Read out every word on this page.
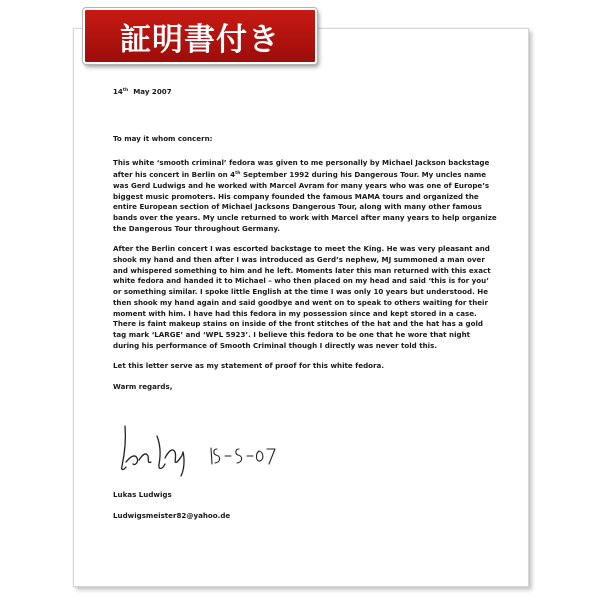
証明書付き

14th May 2007

To may it whom concern:

This white ‘smooth criminal’ fedora was given to me personally by Michael Jackson backstage after his concert in Berlin on 4th September 1992 during his Dangerous Tour. My uncles name was Gerd Ludwigs and he worked with Marcel Avram for many years who was one of Europe’s biggest music promoters. His company founded the famous MAMA tours and organized the entire European section of Michael Jacksons Dangerous Tour, along with many other famous bands over the years. My uncle returned to work with Marcel after many years to help organize the Dangerous Tour throughout Germany.

After the Berlin concert I was escorted backstage to meet the King. He was very pleasant and shook my hand and then after I was introduced as Gerd’s nephew, MJ summoned a man over and whispered something to him and he left. Moments later this man returned with this exact white fedora and handed it to Michael – who then placed on my head and said ‘this is for you’ or something similar. I spoke little English at the time I was only 10 years but understood. He then shook my hand again and said goodbye and went on to speak to others waiting for their moment with him. I have had this fedora in my possession since and kept stored in a case. There is faint makeup stains on inside of the front stitches of the hat and the hat has a gold tag mark ‘LARGE’ and ‘WPL 5923’. I believe this fedora to be one that he wore that night during his performance of Smooth Criminal though I directly was never told this.

Let this letter serve as my statement of proof for this white fedora.

Warm regards,

Lukas Ludwigs
Ludwigsmeister82@yahoo.de
